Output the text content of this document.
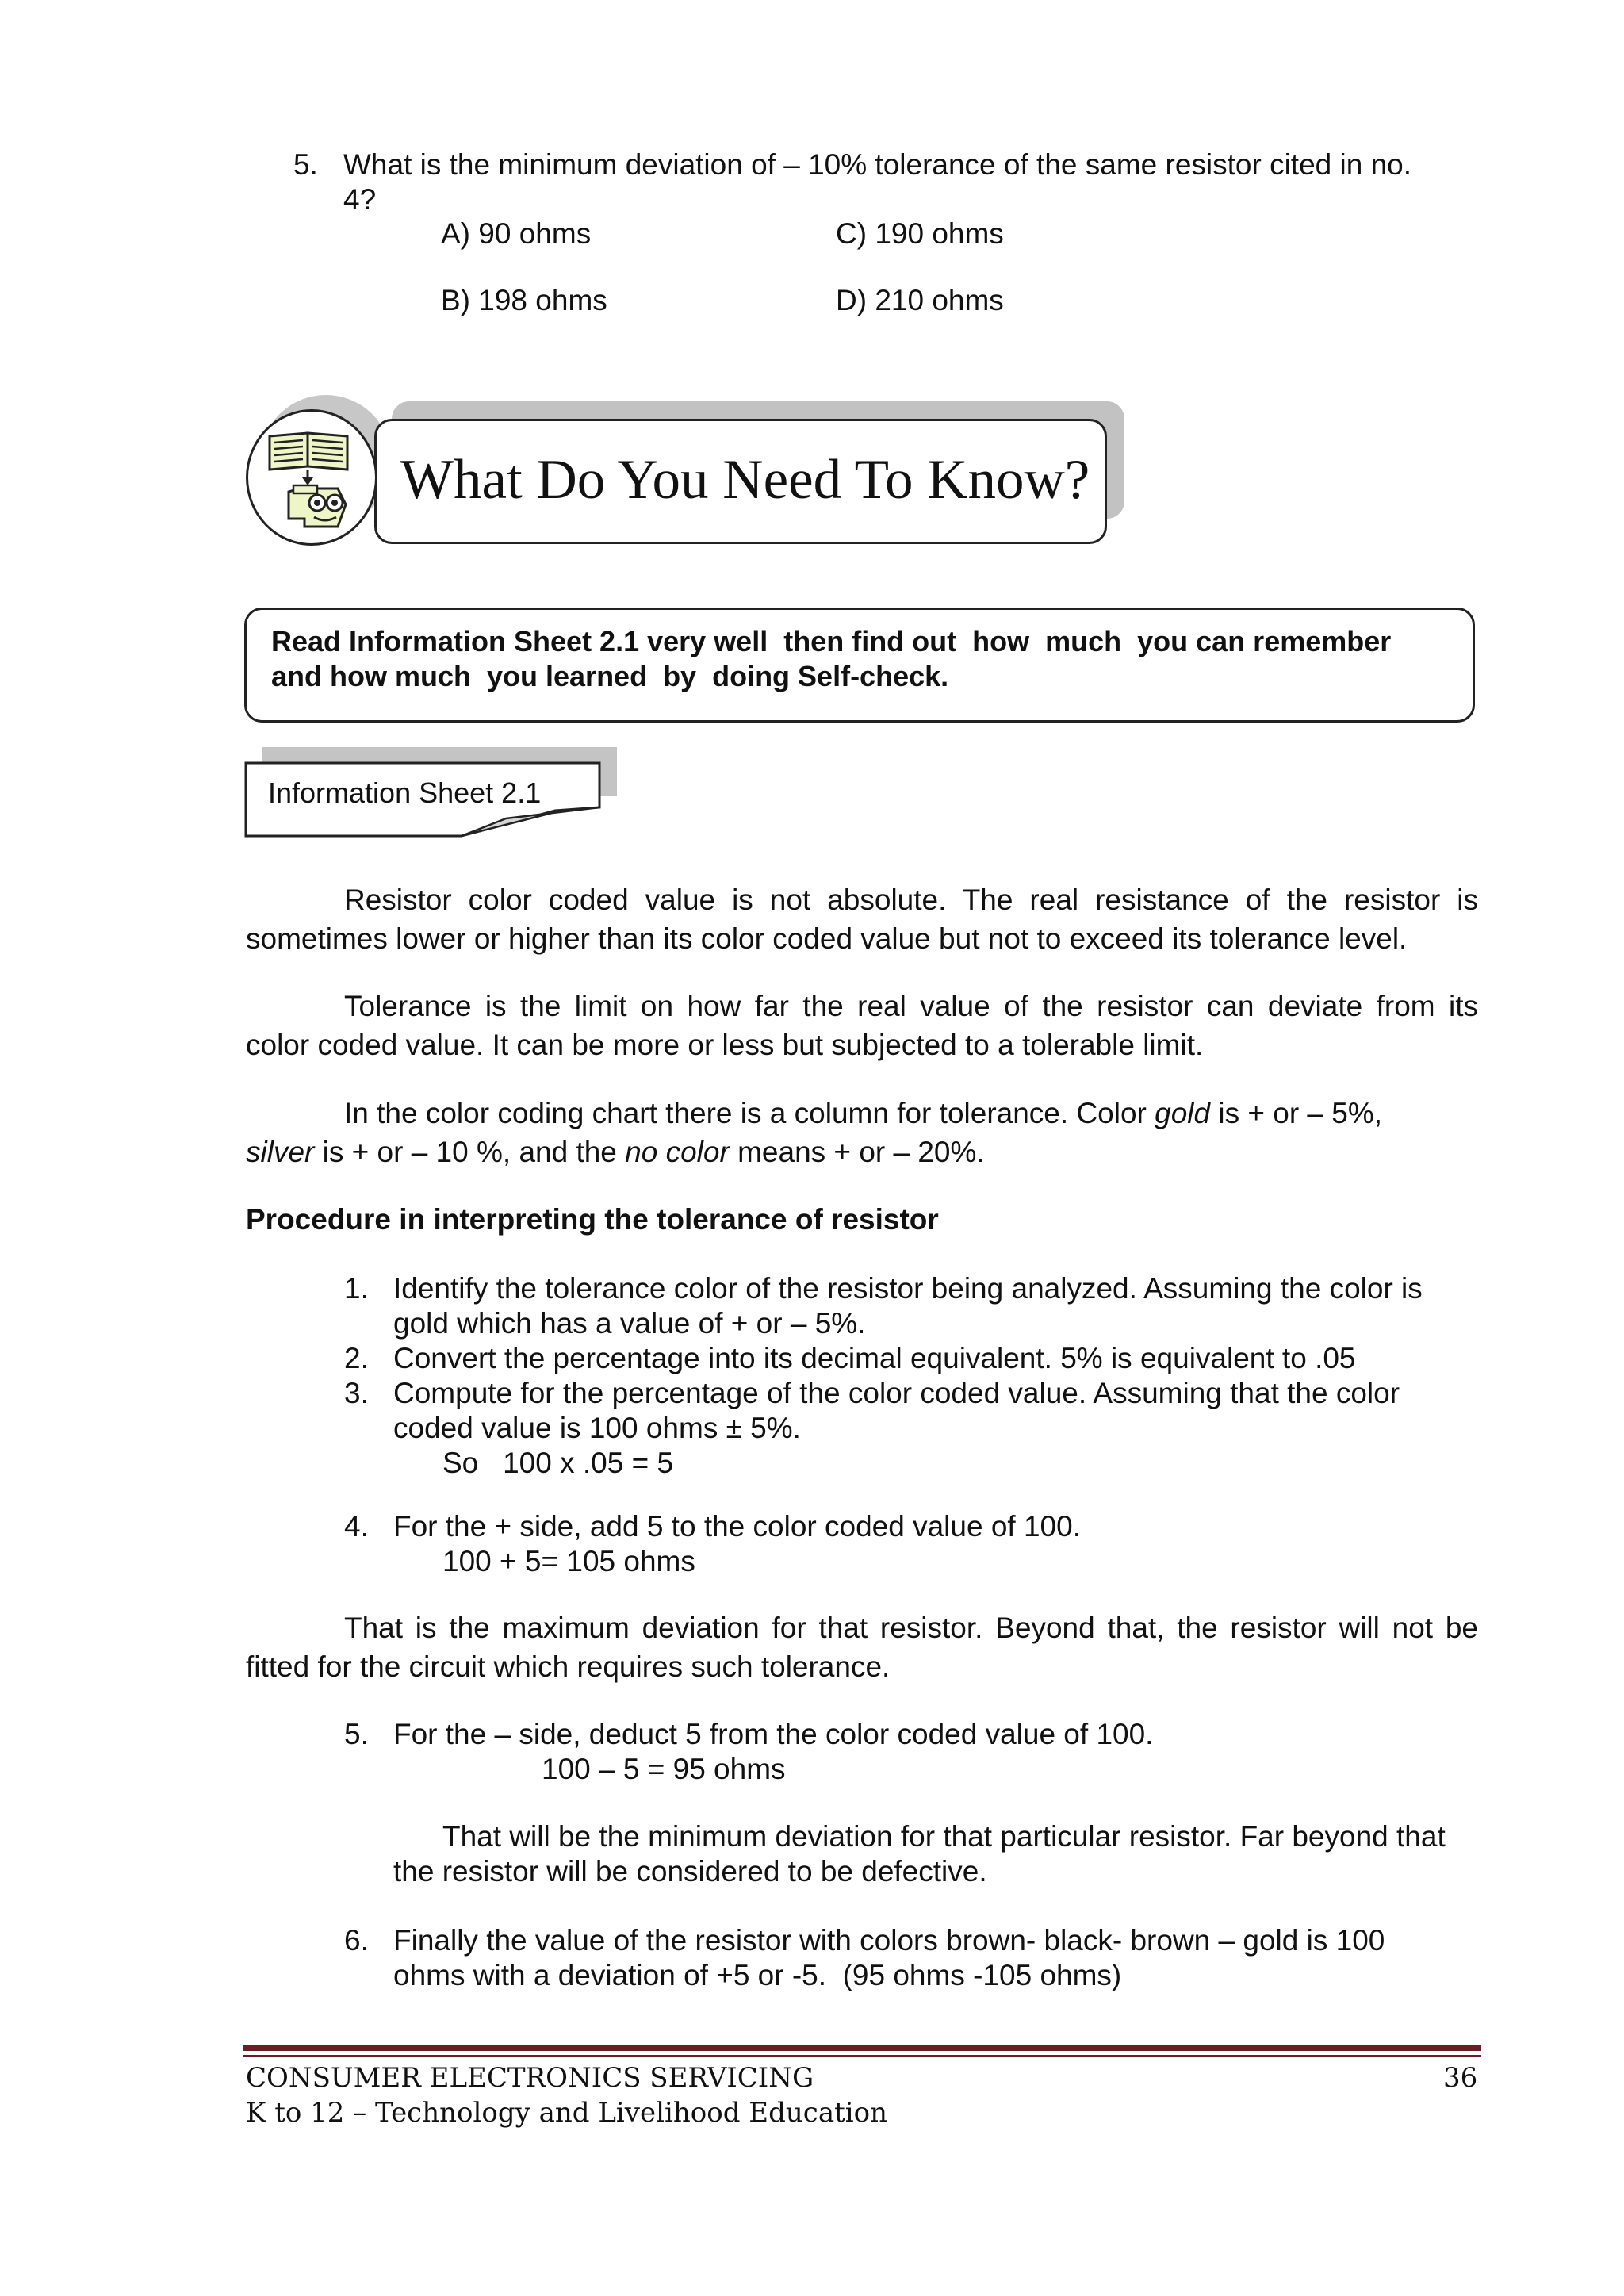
5. What is the minimum deviation of – 10% tolerance of the same resistor cited in no.
4?
A) 90 ohms	C) 190 ohms
B) 198 ohms	D) 210 ohms
What Do You Need To Know?
Read Information Sheet 2.1 very well  then find out  how  much  you can remember
and how much  you learned  by  doing Self-check.
Information Sheet 2.1
Resistor color coded value is not absolute. The real resistance of the resistor is
sometimes lower or higher than its color coded value but not to exceed its tolerance level.
Tolerance is the limit on how far the real value of the resistor can deviate from its
color coded value. It can be more or less but subjected to a tolerable limit.
In the color coding chart there is a column for tolerance. Color gold is + or – 5%,
silver is + or – 10 %, and the no color means + or – 20%.
Procedure in interpreting the tolerance of resistor
1. Identify the tolerance color of the resistor being analyzed. Assuming the color is
gold which has a value of + or – 5%.
2. Convert the percentage into its decimal equivalent. 5% is equivalent to .05
3. Compute for the percentage of the color coded value. Assuming that the color
coded value is 100 ohms ± 5%.
So   100 x .05 = 5
4. For the + side, add 5 to the color coded value of 100.
100 + 5= 105 ohms
That is the maximum deviation for that resistor. Beyond that, the resistor will not be
fitted for the circuit which requires such tolerance.
5. For the – side, deduct 5 from the color coded value of 100.
100 – 5 = 95 ohms
That will be the minimum deviation for that particular resistor. Far beyond that
the resistor will be considered to be defective.
6. Finally the value of the resistor with colors brown- black- brown – gold is 100
ohms with a deviation of +5 or -5.  (95 ohms -105 ohms)
CONSUMER ELECTRONICS SERVICING
K to 12 – Technology and Livelihood Education
36
